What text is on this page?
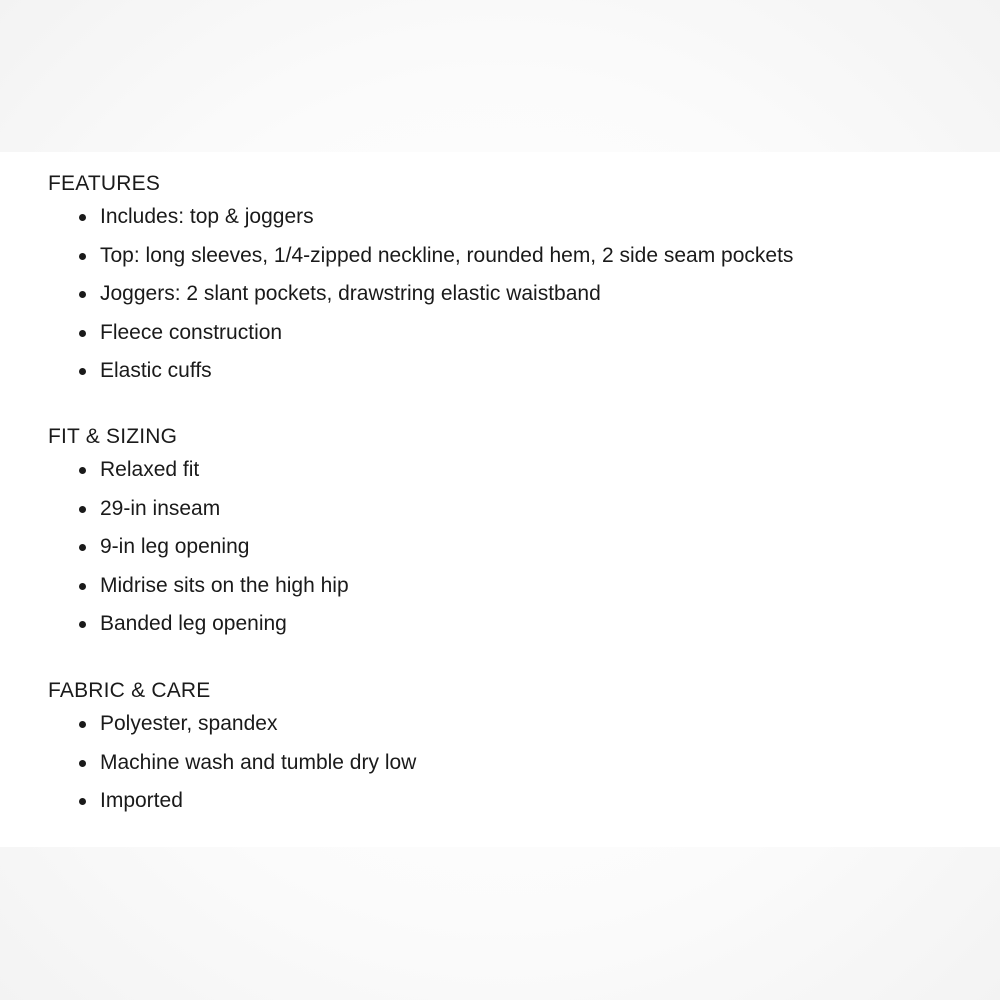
FEATURES
Includes: top & joggers
Top: long sleeves, 1/4-zipped neckline, rounded hem, 2 side seam pockets
Joggers: 2 slant pockets, drawstring elastic waistband
Fleece construction
Elastic cuffs
FIT & SIZING
Relaxed fit
29-in inseam
9-in leg opening
Midrise sits on the high hip
Banded leg opening
FABRIC & CARE
Polyester, spandex
Machine wash and tumble dry low
Imported
